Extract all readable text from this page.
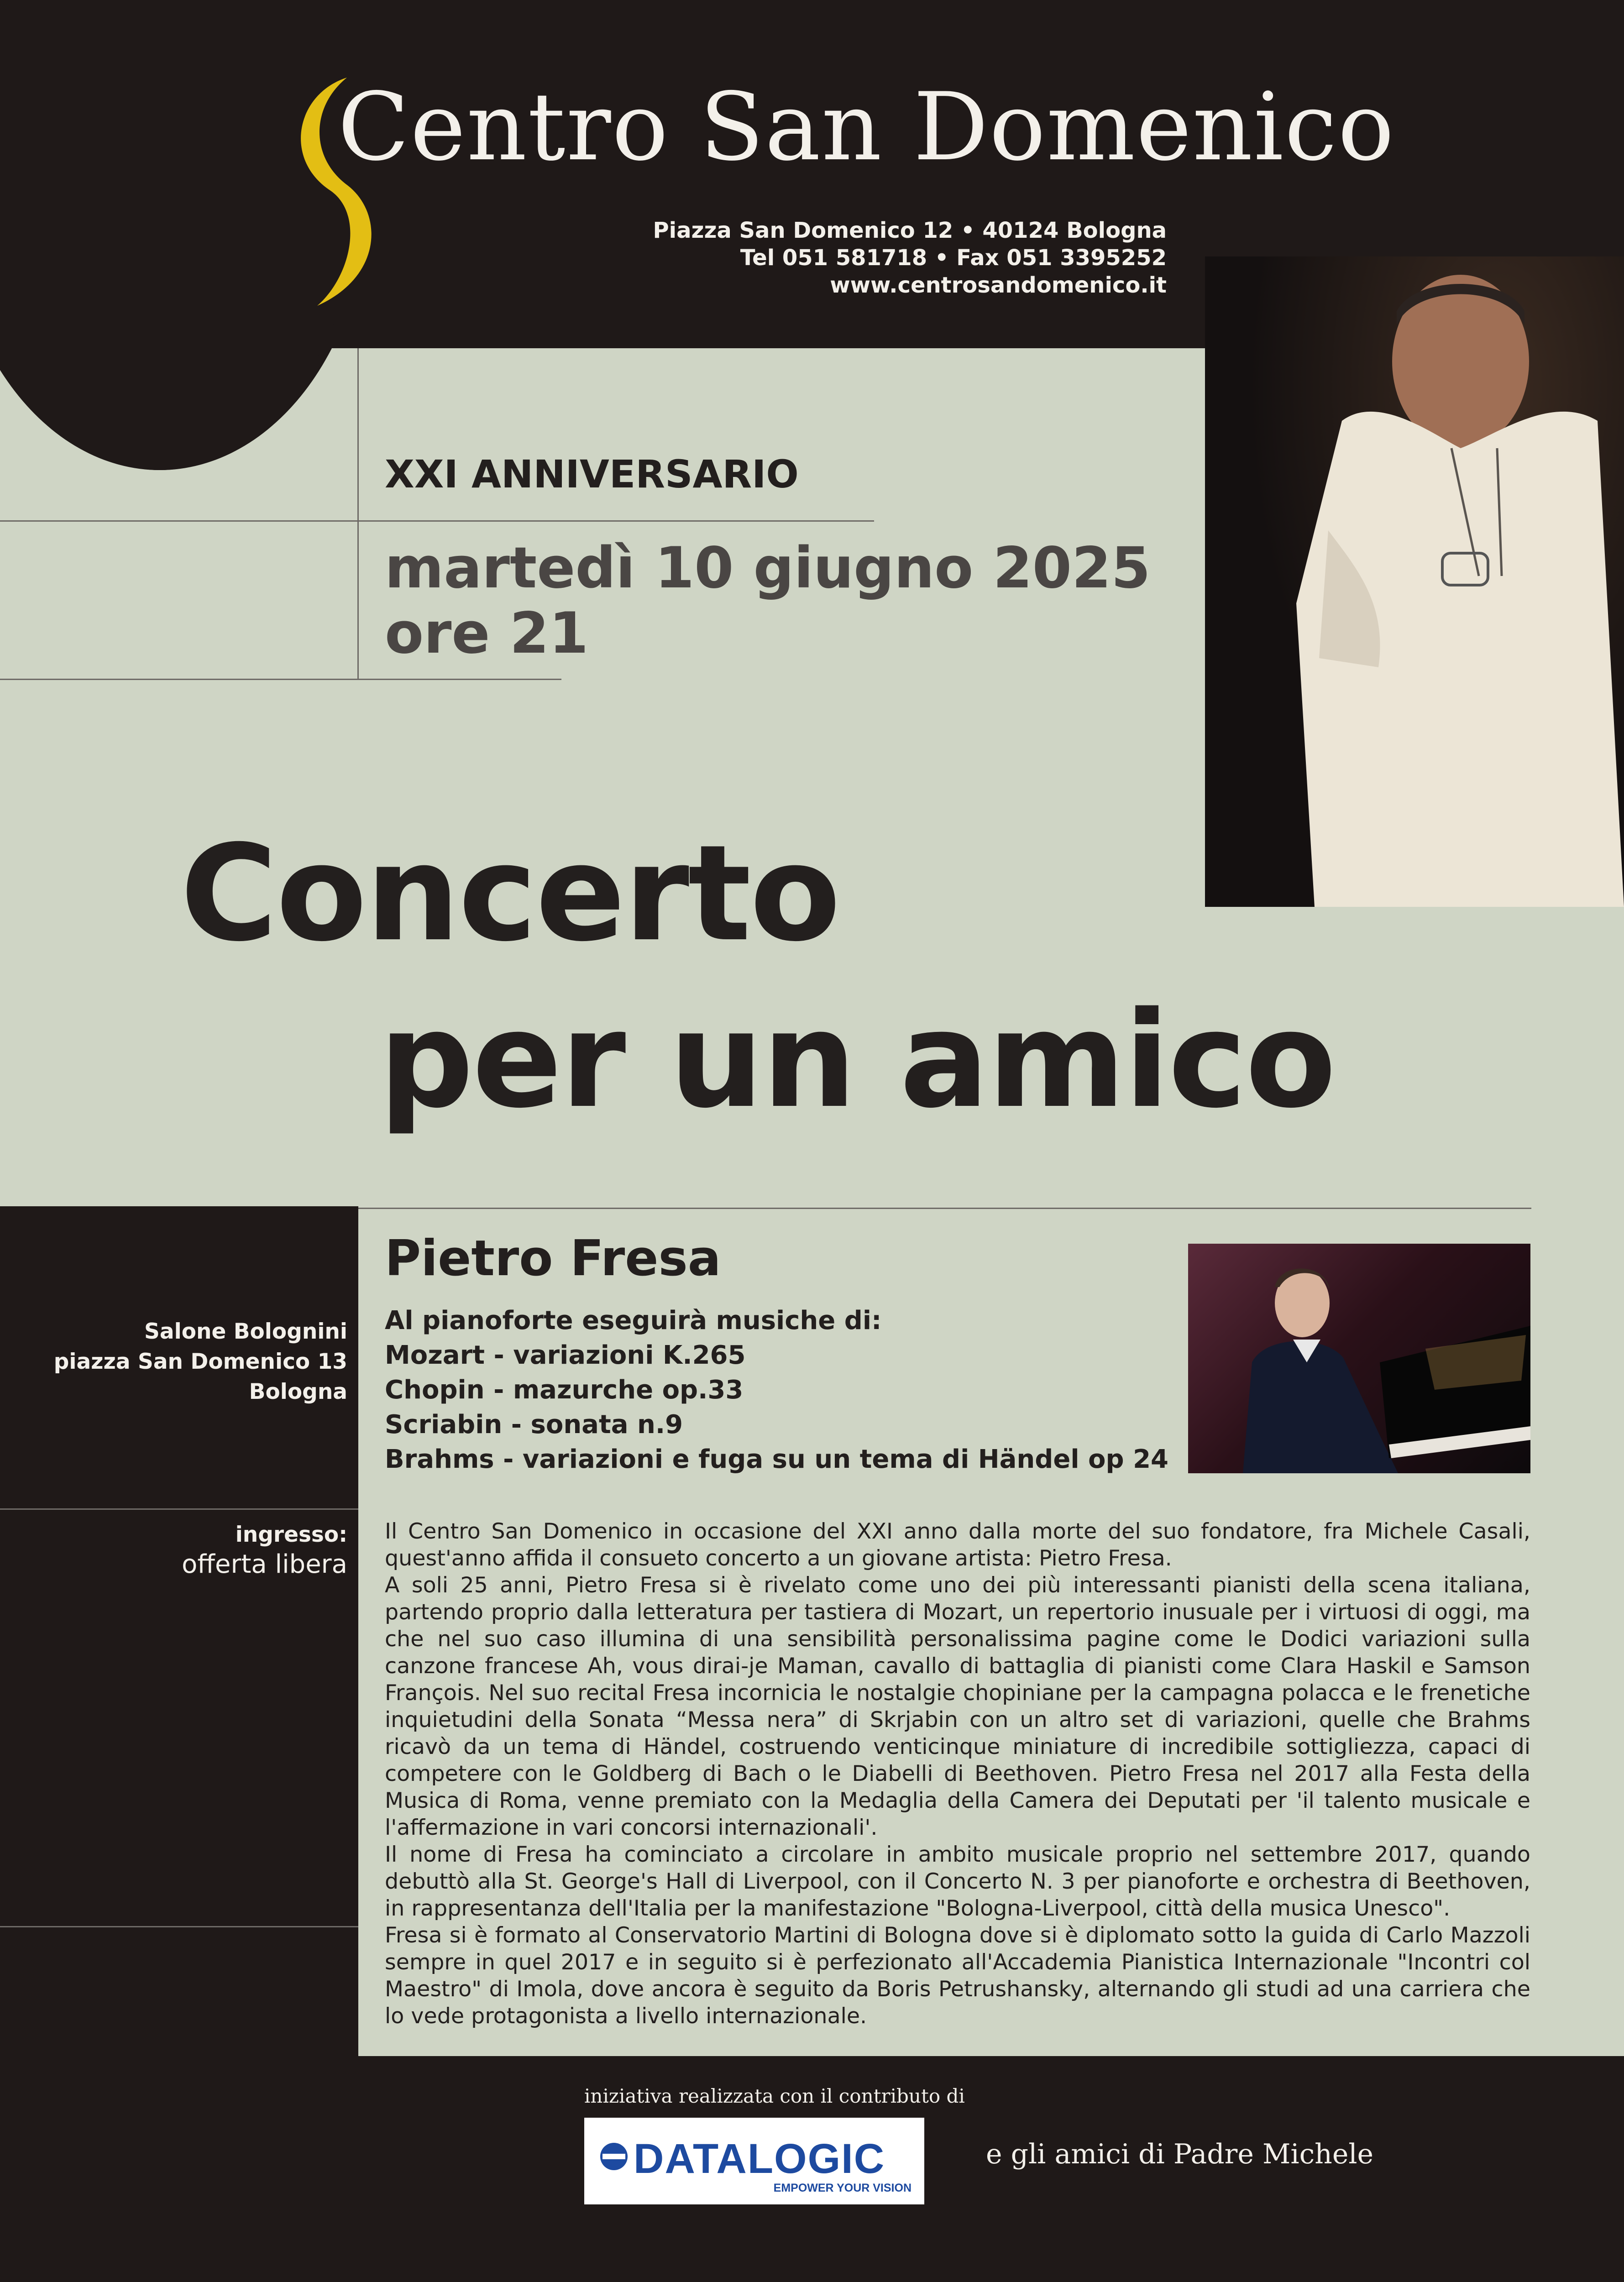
Centro San Domenico
Piazza San Domenico 12 • 40124 Bologna
Tel 051 581718 • Fax 051 3395252
www.centrosandomenico.it
XXI ANNIVERSARIO
martedì 10 giugno 2025
ore 21
Concerto
per un amico
Pietro Fresa
Al pianoforte eseguirà musiche di:
Mozart - variazioni K.265
Chopin - mazurche op.33
Scriabin - sonata n.9
Brahms - variazioni e fuga su un tema di Händel op 24
Salone Bolognini
piazza San Domenico 13
Bologna
ingresso:
offerta libera

Il Centro San Domenico in occasione del XXI anno dalla morte del suo fondatore, fra Michele Casali, quest'anno affida il consueto concerto a un giovane artista: Pietro Fresa.

A soli 25 anni, Pietro Fresa si è rivelato come uno dei più interessanti pianisti della scena italiana, partendo proprio dalla letteratura per tastiera di Mozart, un repertorio inusuale per i virtuosi di oggi, ma che nel suo caso illumina di una sensibilità personalissima pagine come le Dodici variazioni sulla canzone francese Ah, vous dirai-je Maman, cavallo di battaglia di pianisti come Clara Haskil e Samson François. Nel suo recital Fresa incornicia le nostalgie chopiniane per la campagna polacca e le frenetiche inquietudini della Sonata “Messa nera” di Skrjabin con un altro set di variazioni, quelle che Brahms ricavò da un tema di Händel, costruendo venticinque miniature di incredibile sottigliezza, capaci di competere con le Goldberg di Bach o le Diabelli di Beethoven. Pietro Fresa nel 2017 alla Festa della Musica di Roma, venne premiato con la Medaglia della Camera dei Deputati per 'il talento musicale e l'affermazione in vari concorsi internazionali'.

Il nome di Fresa ha cominciato a circolare in ambito musicale proprio nel settembre 2017, quando debuttò alla St. George's Hall di Liverpool, con il Concerto N. 3 per pianoforte e orchestra di Beethoven, in rappresentanza dell'Italia per la manifestazione "Bologna-Liverpool, città della musica Unesco".

Fresa si è formato al Conservatorio Martini di Bologna dove si è diplomato sotto la guida di Carlo Mazzoli sempre in quel 2017 e in seguito si è perfezionato all'Accademia Pianistica Internazionale "Incontri col Maestro" di Imola, dove ancora è seguito da Boris Petrushansky, alternando gli studi ad una carriera che lo vede protagonista a livello internazionale.

iniziativa realizzata con il contributo di
DATALOGIC
EMPOWER YOUR VISION
e gli amici di Padre Michele
